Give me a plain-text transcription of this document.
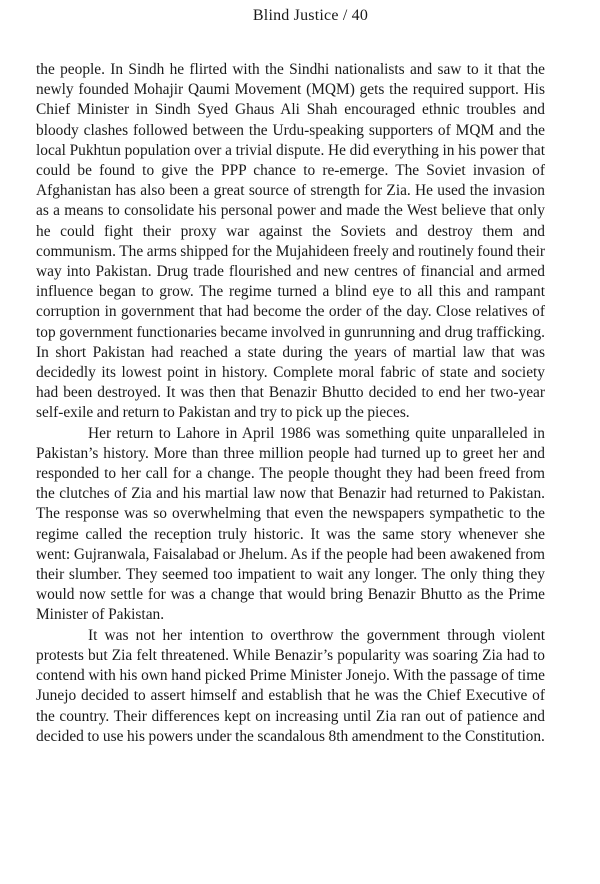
Blind Justice / 40

the people. In Sindh he flirted with the Sindhi nationalists and saw to it that the newly founded Mohajir Qaumi Movement (MQM) gets the required support. His Chief Minister in Sindh Syed Ghaus Ali Shah encouraged ethnic troubles and bloody clashes followed between the Urdu-speaking supporters of MQM and the local Pukhtun population over a trivial dispute. He did everything in his power that could be found to give the PPP chance to re-emerge. The Soviet invasion of Afghanistan has also been a great source of strength for Zia. He used the invasion as a means to consolidate his personal power and made the West believe that only he could fight their proxy war against the Soviets and destroy them and communism. The arms shipped for the Mujahideen freely and routinely found their way into Pakistan. Drug trade flourished and new centres of financial and armed influence began to grow. The regime turned a blind eye to all this and rampant corruption in government that had become the order of the day. Close relatives of top government functionaries became involved in gunrunning and drug trafficking. In short Pakistan had reached a state during the years of martial law that was decidedly its lowest point in history. Complete moral fabric of state and society had been destroyed. It was then that Benazir Bhutto decided to end her two-year self-exile and return to Pakistan and try to pick up the pieces.

Her return to Lahore in April 1986 was something quite unparalleled in Pakistan’s history. More than three million people had turned up to greet her and responded to her call for a change. The people thought they had been freed from the clutches of Zia and his martial law now that Benazir had returned to Pakistan. The response was so overwhelming that even the newspapers sympathetic to the regime called the reception truly historic. It was the same story whenever she went: Gujranwala, Faisalabad or Jhelum. As if the people had been awakened from their slumber. They seemed too impatient to wait any longer. The only thing they would now settle for was a change that would bring Benazir Bhutto as the Prime Minister of Pakistan.

It was not her intention to overthrow the government through violent protests but Zia felt threatened. While Benazir’s popularity was soaring Zia had to contend with his own hand picked Prime Minister Jonejo. With the passage of time Junejo decided to assert himself and establish that he was the Chief Executive of the country. Their differences kept on increasing until Zia ran out of patience and decided to use his powers under the scandalous 8th amendment to the Constitution.
